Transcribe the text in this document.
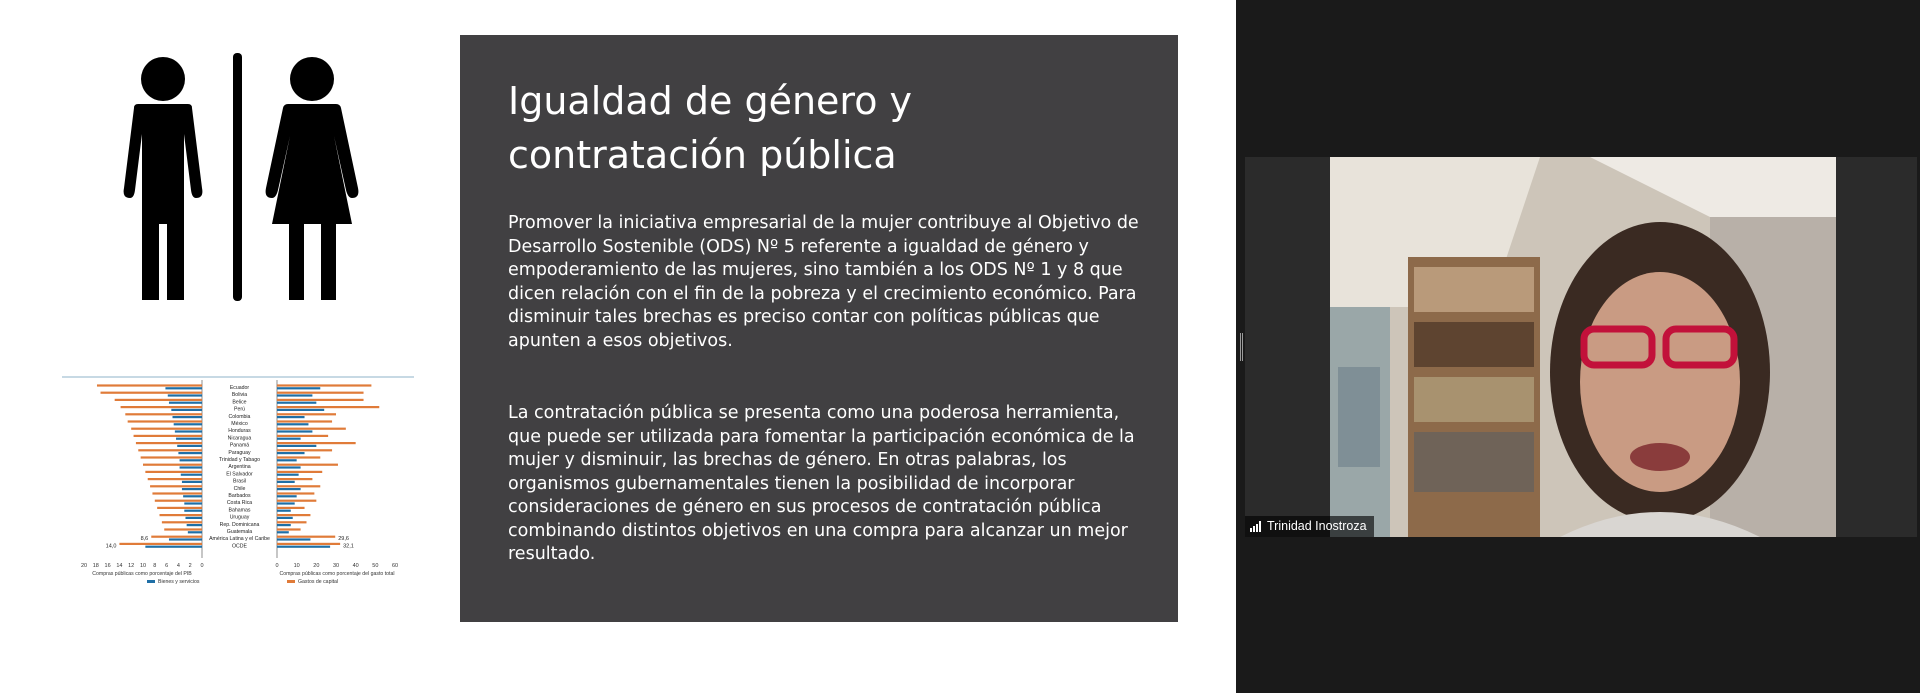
Ecuador
Bolivia
Belice
Perú
Colombia
México
Honduras
Nicaragua
Panamá
Paraguay
Trinidad y Tabago
Argentina
El Salvador
Brasil
Chile
Barbados
Costa Rica
Bahamas
Uruguay
Rep. Dominicana
Guatemala
América Latina y el Caribe
8,6	29,6
OCDE
14,0	32,1
20 18 16 14 12 10 8 6 4 2 0	0	10 20 30 40 50 60
Compras públicas como porcentaje del PIB	Compras públicas como porcentaje del gasto total
Bienes y servicios	Gastos de capital
Igualdad de género y
contratación pública

Promover la iniciativa empresarial de la mujer contribuye al Objetivo de Desarrollo Sostenible (ODS) Nº 5 referente a igualdad de género y empoderamiento de las mujeres, sino también a los ODS Nº 1 y 8 que dicen relación con el fin de la pobreza y el crecimiento económico. Para disminuir tales brechas es preciso contar con políticas públicas que apunten a esos objetivos.

La contratación pública se presenta como una poderosa herramienta, que puede ser utilizada para fomentar la participación económica de la mujer y disminuir, las brechas de género. En otras palabras, los organismos gubernamentales tienen la posibilidad de incorporar consideraciones de género en sus procesos de contratación pública combinando distintos objetivos en una compra para alcanzar un mejor resultado.

Trinidad Inostroza
